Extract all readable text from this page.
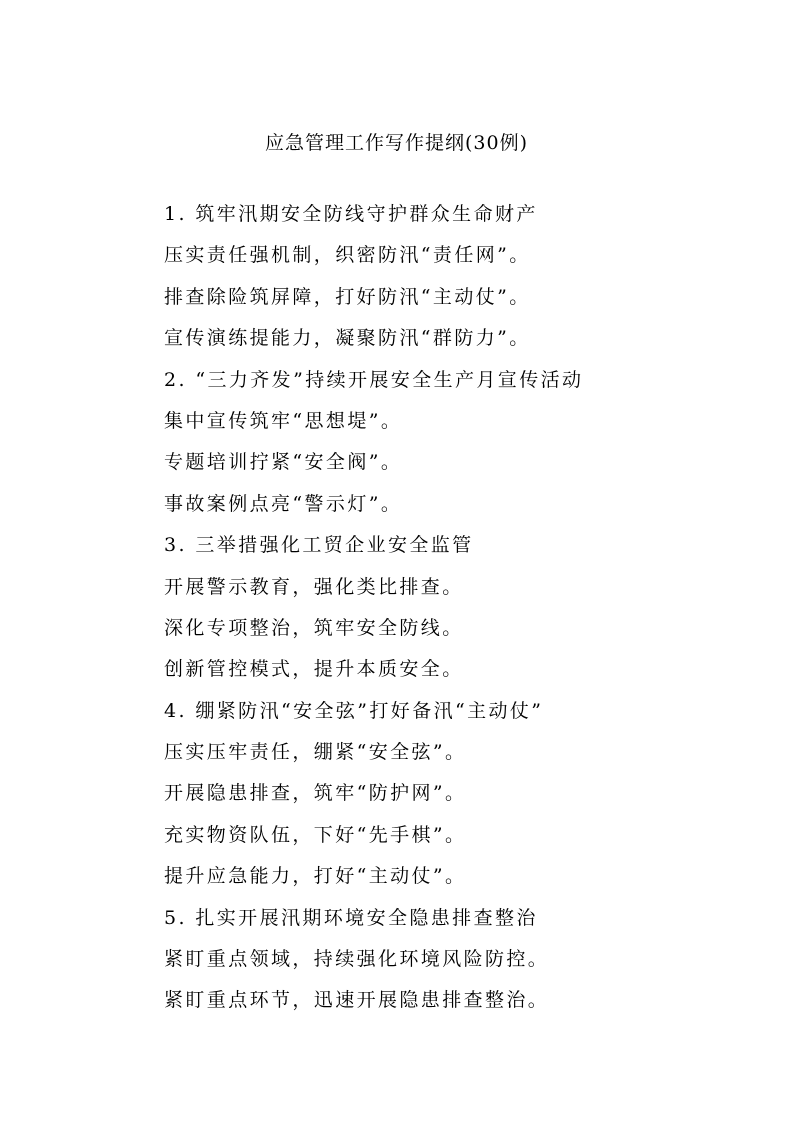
应急管理工作写作提纲(30例)
1. 筑牢汛期安全防线守护群众生命财产
压实责任强机制，织密防汛“责任网”。
排查除险筑屏障，打好防汛“主动仗”。
宣传演练提能力，凝聚防汛“群防力”。
2. “三力齐发”持续开展安全生产月宣传活动
集中宣传筑牢“思想堤”。
专题培训拧紧“安全阀”。
事故案例点亮“警示灯”。
3. 三举措强化工贸企业安全监管
开展警示教育，强化类比排查。
深化专项整治，筑牢安全防线。
创新管控模式，提升本质安全。
4. 绷紧防汛“安全弦”打好备汛“主动仗”
压实压牢责任，绷紧“安全弦”。
开展隐患排查，筑牢“防护网”。
充实物资队伍，下好“先手棋”。
提升应急能力，打好“主动仗”。
5. 扎实开展汛期环境安全隐患排查整治
紧盯重点领域，持续强化环境风险防控。
紧盯重点环节，迅速开展隐患排查整治。
